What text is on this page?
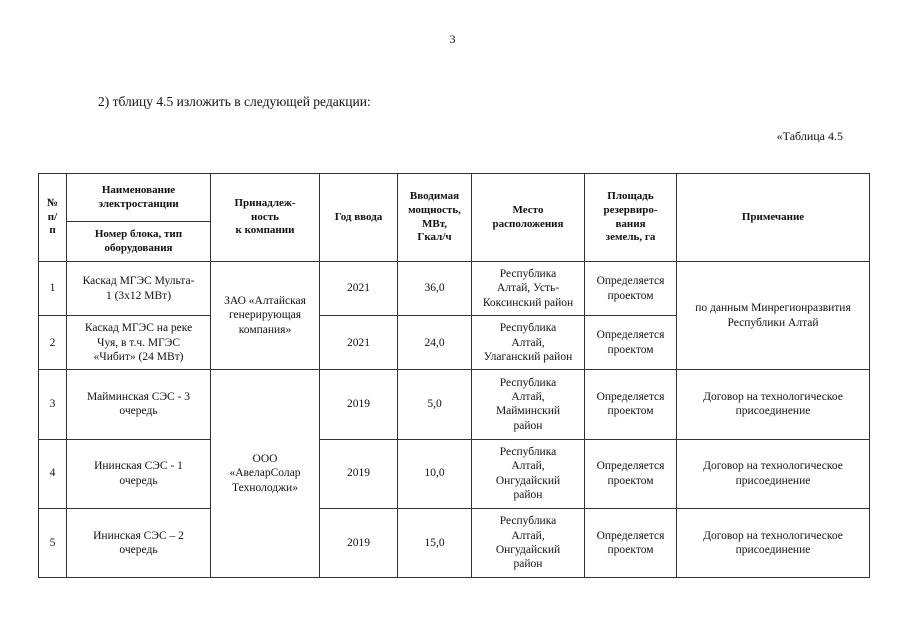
3
2) тблицу 4.5 изложить в следующей редакции:
«Таблица 4.5
№
п/
п	Наименование
электростанции	Принадлеж-
ность
к компании	Год ввода	Вводимая
мощность,
МВт,
Гкал/ч	Место
расположения	Площадь
резервиро-
вания
земель, га	Примечание
	Номер блока, тип
оборудования						
1	Каскад МГЭС Мульта-
1 (3х12 МВт)	ЗАО «Алтайская
генерирующая
компания»	2021	36,0	Республика
Алтай, Усть-
Коксинский район	Определяется
проектом	по данным Минрегионразвития
Республики Алтай
2	Каскад МГЭС на реке
Чуя, в т.ч. МГЭС
«Чибит» (24 МВт)		2021	24,0	Республика
Алтай,
Улаганский район	Определяется
проектом	
3	Майминская СЭС - 3
очередь	ООО
«АвеларСолар
Технолоджи»	2019	5,0	Республика
Алтай,
Майминский
район	Определяется
проектом	Договор на технологическое
присоединение
4	Ининская СЭС - 1
очередь		2019	10,0	Республика
Алтай,
Онгудайский
район	Определяется
проектом	Договор на технологическое
присоединение
5	Ининская СЭС – 2
очередь		2019	15,0	Республика
Алтай,
Онгудайский
район	Определяется
проектом	Договор на технологическое
присоединение
